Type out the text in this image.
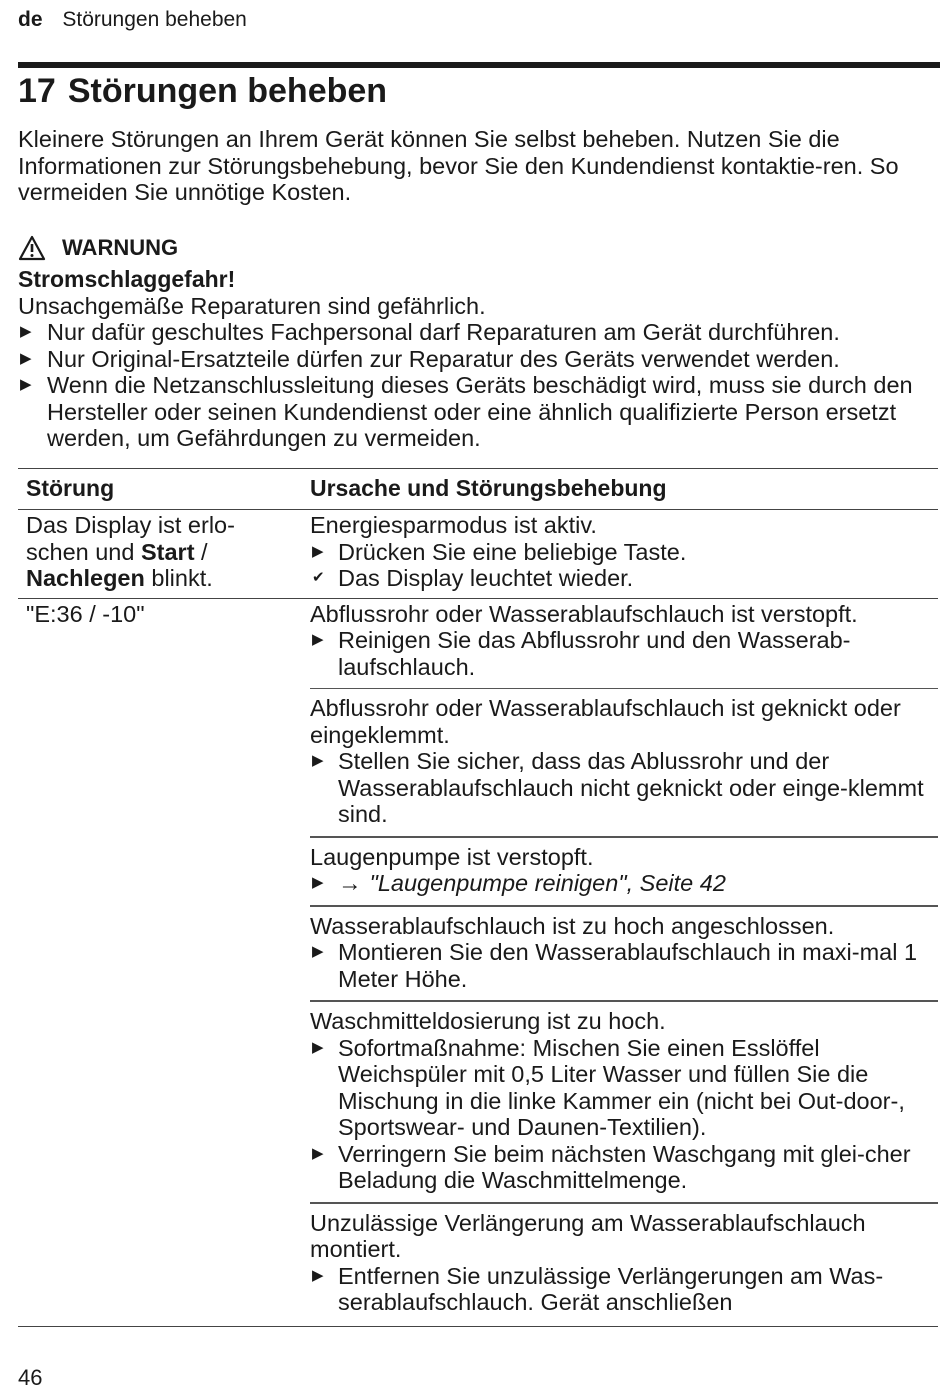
de Störungen beheben
17 Störungen beheben

Kleinere Störungen an Ihrem Gerät können Sie selbst beheben. Nutzen Sie die Informationen zur Störungsbehebung, bevor Sie den Kundendienst kontaktie-ren. So vermeiden Sie unnötige Kosten.

WARNUNG
Stromschlaggefahr!
Unsachgemäße Reparaturen sind gefährlich.
▶ Nur dafür geschultes Fachpersonal darf Reparaturen am Gerät durchführen.
▶ Nur Original-Ersatzteile dürfen zur Reparatur des Geräts verwendet werden.
▶ Wenn die Netzanschlussleitung dieses Geräts beschädigt wird, muss sie durch den Hersteller oder seinen Kundendienst oder eine ähnlich qualifizierte Person ersetzt werden, um Gefährdungen zu vermeiden.
Störung	Ursache und Störungsbehebung
Das Display ist erlo-schen und Start /
Nachlegen blinkt.
Energiesparmodus ist aktiv.
▶ Drücken Sie eine beliebige Taste.
✔ Das Display leuchtet wieder.
"E:36 / -10"	Abflussrohr oder Wasserablaufschlauch ist verstopft.
▶ Reinigen Sie das Abflussrohr und den Wasserab-laufschlauch.
Abflussrohr oder Wasserablaufschlauch ist geknickt oder eingeklemmt.
▶ Stellen Sie sicher, dass das Ablussrohr und der Wasserablaufschlauch nicht geknickt oder einge-klemmt sind.
Laugenpumpe ist verstopft.
▶ → "Laugenpumpe reinigen", Seite 42
Wasserablaufschlauch ist zu hoch angeschlossen.
▶ Montieren Sie den Wasserablaufschlauch in maxi-mal 1 Meter Höhe.
Waschmitteldosierung ist zu hoch.
▶ Sofortmaßnahme: Mischen Sie einen Esslöffel Weichspüler mit 0,5 Liter Wasser und füllen Sie die Mischung in die linke Kammer ein (nicht bei Out-door-, Sportswear- und Daunen-Textilien).
▶ Verringern Sie beim nächsten Waschgang mit glei-cher Beladung die Waschmittelmenge.
Unzulässige Verlängerung am Wasserablaufschlauch montiert.
▶ Entfernen Sie unzulässige Verlängerungen am Was-serablaufschlauch. Gerät anschließen
46
